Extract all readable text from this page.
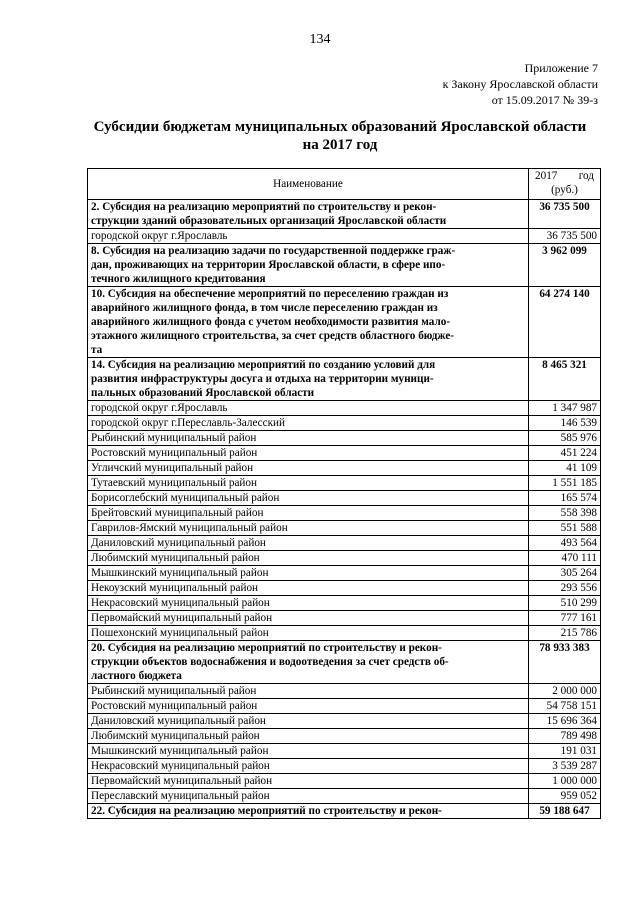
134
Приложение 7
к Закону Ярославской области
от 15.09.2017 № 39-з
Субсидии бюджетам муниципальных образований Ярославской области
на 2017 год
Наименование	2017 год
(руб.)

2. Субсидия на реализацию мероприятий по строительству и рекон-
струкции зданий образовательных организаций Ярославской области	36 735 500

городской округ г.Ярославль	36 735 500

8. Субсидия на реализацию задачи по государственной поддержке граж-
дан, проживающих на территории Ярославской области, в сфере ипо-
течного жилищного кредитования	3 962 099

10. Субсидия на обеспечение мероприятий по переселению граждан из
аварийного жилищного фонда, в том числе переселению граждан из
аварийного жилищного фонда с учетом необходимости развития мало-
этажного жилищного строительства, за счет средств областного бюдже-
та	64 274 140

14. Субсидия на реализацию мероприятий по созданию условий для
развития инфраструктуры досуга и отдыха на территории муници-
пальных образований Ярославской области	8 465 321

городской округ г.Ярославль	1 347 987

городской округ г.Переславль-Залесский	146 539

Рыбинский муниципальный район	585 976

Ростовский муниципальный район	451 224

Угличский муниципальный район	41 109

Тутаевский муниципальный район	1 551 185

Борисоглебский муниципальный район	165 574

Брейтовский муниципальный район	558 398

Гаврилов-Ямский муниципальный район	551 588

Даниловский муниципальный район	493 564

Любимский муниципальный район	470 111

Мышкинский муниципальный район	305 264

Некоузский муниципальный район	293 556

Некрасовский муниципальный район	510 299

Первомайский муниципальный район	777 161

Пошехонский муниципальный район	215 786

20. Субсидия на реализацию мероприятий по строительству и рекон-
струкции объектов водоснабжения и водоотведения за счет средств об-
ластного бюджета	78 933 383

Рыбинский муниципальный район	2 000 000

Ростовский муниципальный район	54 758 151

Даниловский муниципальный район	15 696 364

Любимский муниципальный район	789 498

Мышкинский муниципальный район	191 031

Некрасовский муниципальный район	3 539 287

Первомайский муниципальный район	1 000 000

Переславский муниципальный район	959 052

22. Субсидия на реализацию мероприятий по строительству и рекон-	59 188 647
